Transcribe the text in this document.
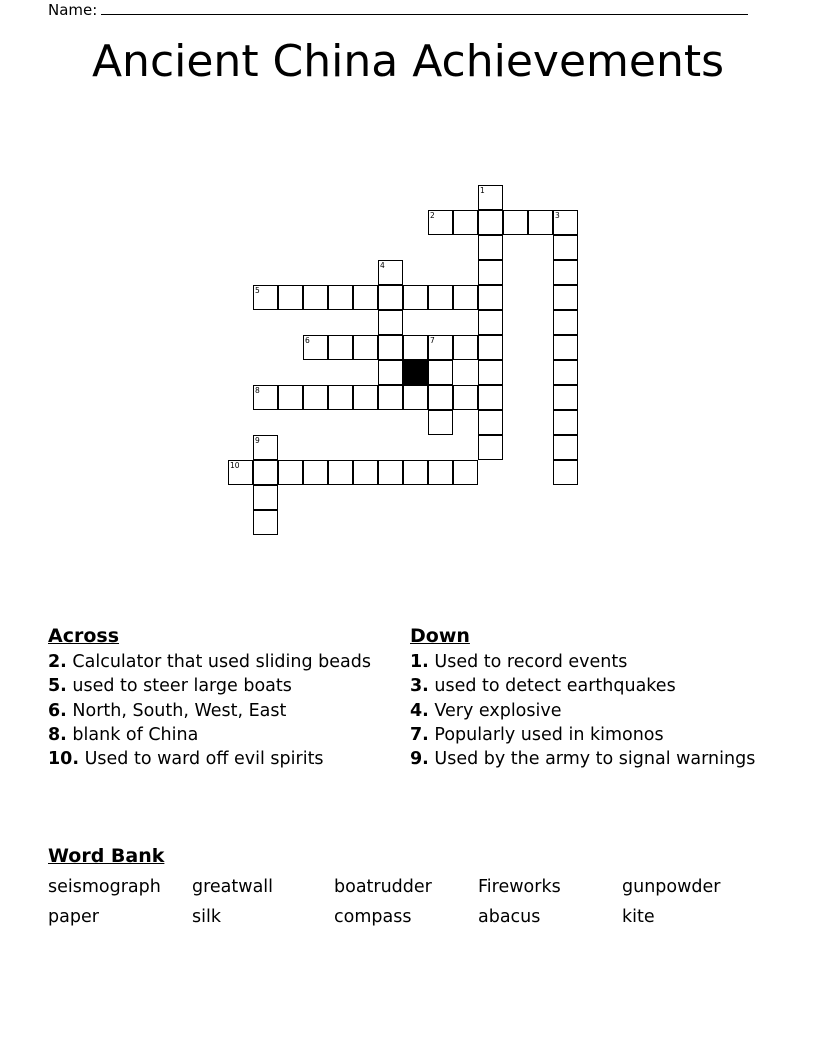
Name:
Ancient China Achievements
1
2	3
4
5
6	7
8
9
10
Across
2. Calculator that used sliding beads
5. used to steer large boats
6. North, South, West, East
8. blank of China
10. Used to ward off evil spirits
Down
1. Used to record events
3. used to detect earthquakes
4. Very explosive
7. Popularly used in kimonos
9. Used by the army to signal warnings
Word Bank
seismograph	greatwall	boatrudder	Fireworks	gunpowder
paper	silk	compass	abacus	kite
